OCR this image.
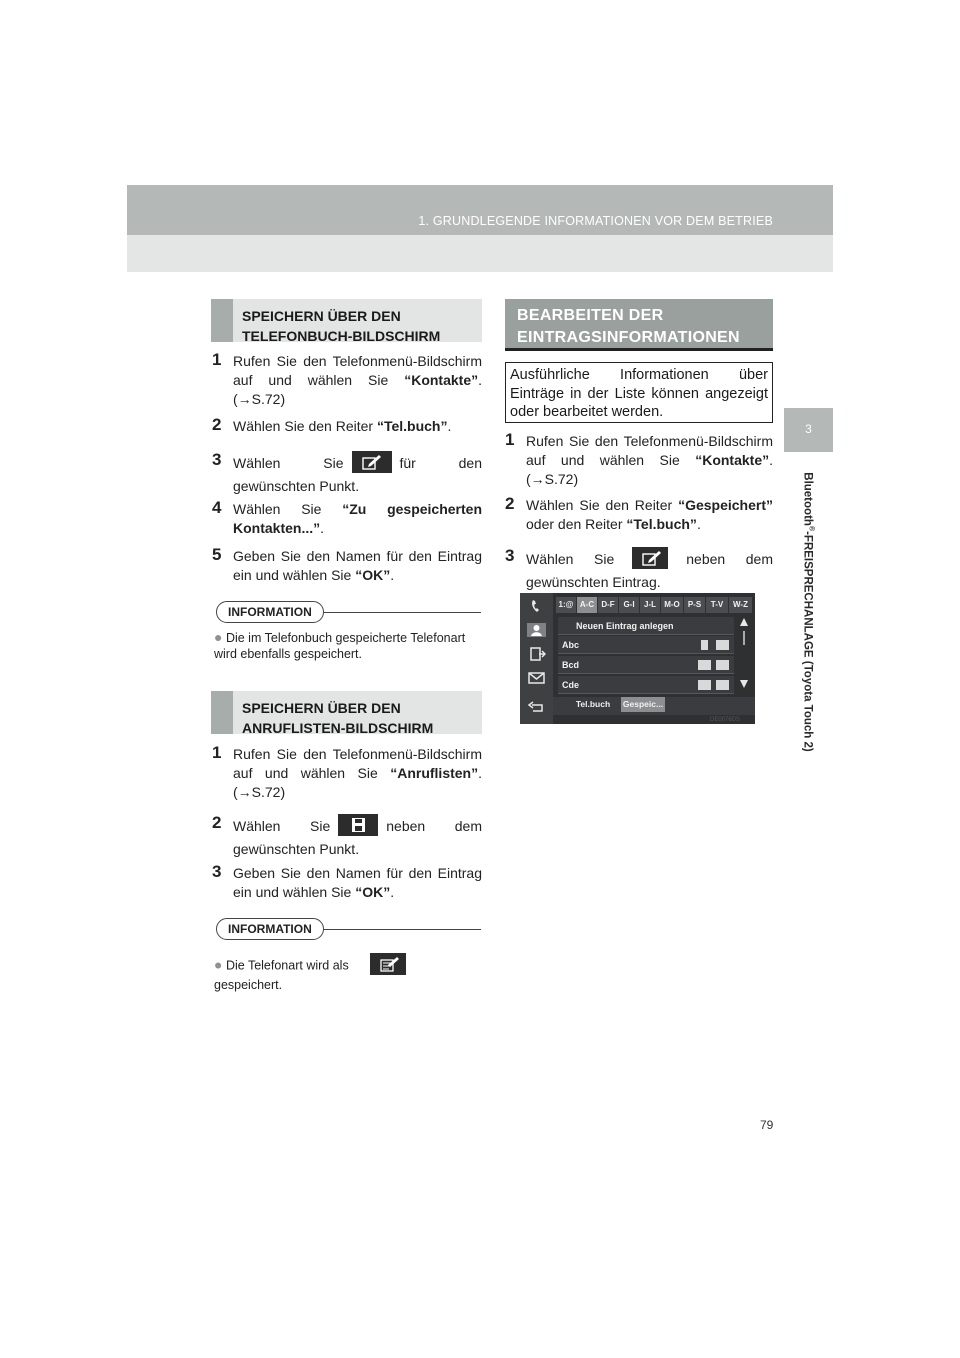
1. GRUNDLEGENDE INFORMATIONEN VOR DEM BETRIEB
3
Bluetooth®-FREISPRECHANLAGE (Toyota Touch 2)
SPEICHERN ÜBER DEN
TELEFONBUCH-BILDSCHIRM
1 Rufen Sie den Telefonmenü-Bildschirm auf und wählen Sie “Kontakte”. (→S.72)
2 Wählen Sie den Reiter “Tel.buch”.
3 Wählen Sie	für den gewünschten Punkt.
4 Wählen Sie “Zu gespeicherten Kontakten...”.
5 Geben Sie den Namen für den Eintrag ein und wählen Sie “OK”.
INFORMATION
● Die im Telefonbuch gespeicherte Telefonart wird ebenfalls gespeichert.
SPEICHERN ÜBER DEN
ANRUFLISTEN-BILDSCHIRM
1 Rufen Sie den Telefonmenü-Bildschirm auf und wählen Sie “Anruflisten”. (→S.72)
2 Wählen Sie	neben dem gewünschten Punkt.
3 Geben Sie den Namen für den Eintrag ein und wählen Sie “OK”.
INFORMATION
● Die Telefonart wird als
gespeichert.
BEARBEITEN DER
EINTRAGSINFORMATIONEN
Ausführliche Informationen über Einträge in der Liste können angezeigt oder bearbeitet werden.
1 Rufen Sie den Telefonmenü-Bildschirm auf und wählen Sie “Kontakte”. (→S.72)
2 Wählen Sie den Reiter “Gespeichert” oder den Reiter “Tel.buch”.
3 Wählen Sie	neben dem gewünschten Eintrag.
1:@ A-C D-F	G-I	J-L	M-O	P-S	T-V	W-Z
Neuen Eintrag anlegen
Abc
Bcd
Cde
Tel.buch	Gespeic...
DE0076DS
79
